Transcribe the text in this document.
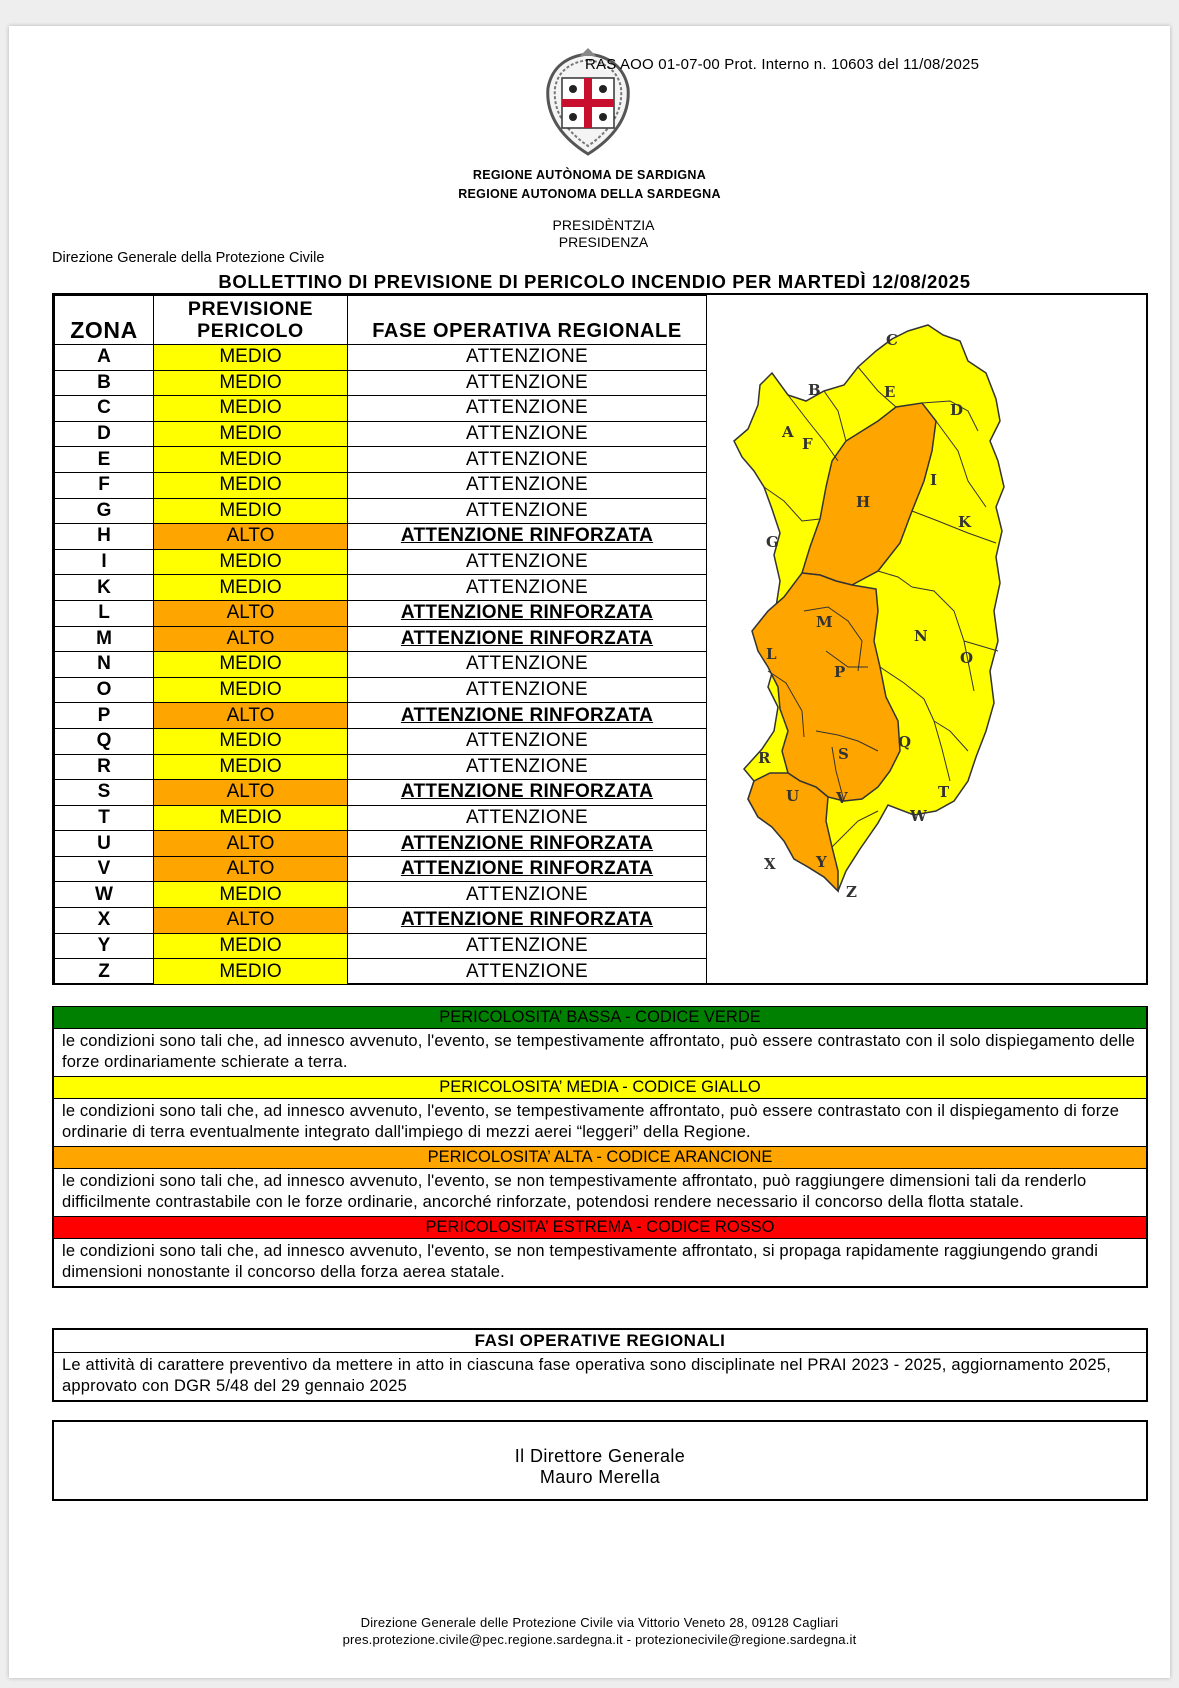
RAS AOO 01-07-00 Prot. Interno n. 10603 del 11/08/2025
REGIONE AUTÒNOMA DE SARDIGNA
REGIONE AUTONOMA DELLA SARDEGNA
PRESIDÈNTZIA
PRESIDENZA
Direzione Generale della Protezione Civile
BOLLETTINO DI PREVISIONE DI PERICOLO INCENDIO PER MARTEDÌ 12/08/2025
ZONA	PREVISIONE
PERICOLO	FASE OPERATIVA REGIONALE
A	MEDIO	ATTENZIONE
B	MEDIO	ATTENZIONE
C	MEDIO	ATTENZIONE
D	MEDIO	ATTENZIONE
E	MEDIO	ATTENZIONE
F	MEDIO	ATTENZIONE
G	MEDIO	ATTENZIONE
H	ALTO	ATTENZIONE RINFORZATA
I	MEDIO	ATTENZIONE
K	MEDIO	ATTENZIONE
L	ALTO	ATTENZIONE RINFORZATA
M	ALTO	ATTENZIONE RINFORZATA
N	MEDIO	ATTENZIONE
O	MEDIO	ATTENZIONE
P	ALTO	ATTENZIONE RINFORZATA
Q	MEDIO	ATTENZIONE
R	MEDIO	ATTENZIONE
S	ALTO	ATTENZIONE RINFORZATA
T	MEDIO	ATTENZIONE
U	ALTO	ATTENZIONE RINFORZATA
V	ALTO	ATTENZIONE RINFORZATA
W	MEDIO	ATTENZIONE
X	ALTO	ATTENZIONE RINFORZATA
Y	MEDIO	ATTENZIONE
Z	MEDIO	ATTENZIONE

A
B
C
D
E
F
G
H
I
K
L
M
N
O
P
Q
R	S
T
U V
W
X	Y
Z
PERICOLOSITA’ BASSA - CODICE VERDE
le condizioni sono tali che, ad innesco avvenuto, l'evento, se tempestivamente affrontato, può essere contrastato con il solo dispiegamento delle forze ordinariamente schierate a terra.
PERICOLOSITA’ MEDIA - CODICE GIALLO
le condizioni sono tali che, ad innesco avvenuto, l'evento, se tempestivamente affrontato, può essere contrastato con il dispiegamento di forze ordinarie di terra eventualmente integrato dall'impiego di mezzi aerei “leggeri” della Regione.
PERICOLOSITA’ ALTA - CODICE ARANCIONE
le condizioni sono tali che, ad innesco avvenuto, l'evento, se non tempestivamente affrontato, può raggiungere dimensioni tali da renderlo difficilmente contrastabile con le forze ordinarie, ancorché rinforzate, potendosi rendere necessario il concorso della flotta statale.
PERICOLOSITA’ ESTREMA - CODICE ROSSO
le condizioni sono tali che, ad innesco avvenuto, l'evento, se non tempestivamente affrontato, si propaga rapidamente raggiungendo grandi dimensioni nonostante il concorso della forza aerea statale.
FASI OPERATIVE REGIONALI
Le attività di carattere preventivo da mettere in atto in ciascuna fase operativa sono disciplinate nel PRAI 2023 - 2025, aggiornamento 2025, approvato con DGR 5/48 del 29 gennaio 2025
Il Direttore Generale
Mauro Merella
Direzione Generale delle Protezione Civile via Vittorio Veneto 28, 09128 Cagliari
pres.protezione.civile@pec.regione.sardegna.it - protezionecivile@regione.sardegna.it
